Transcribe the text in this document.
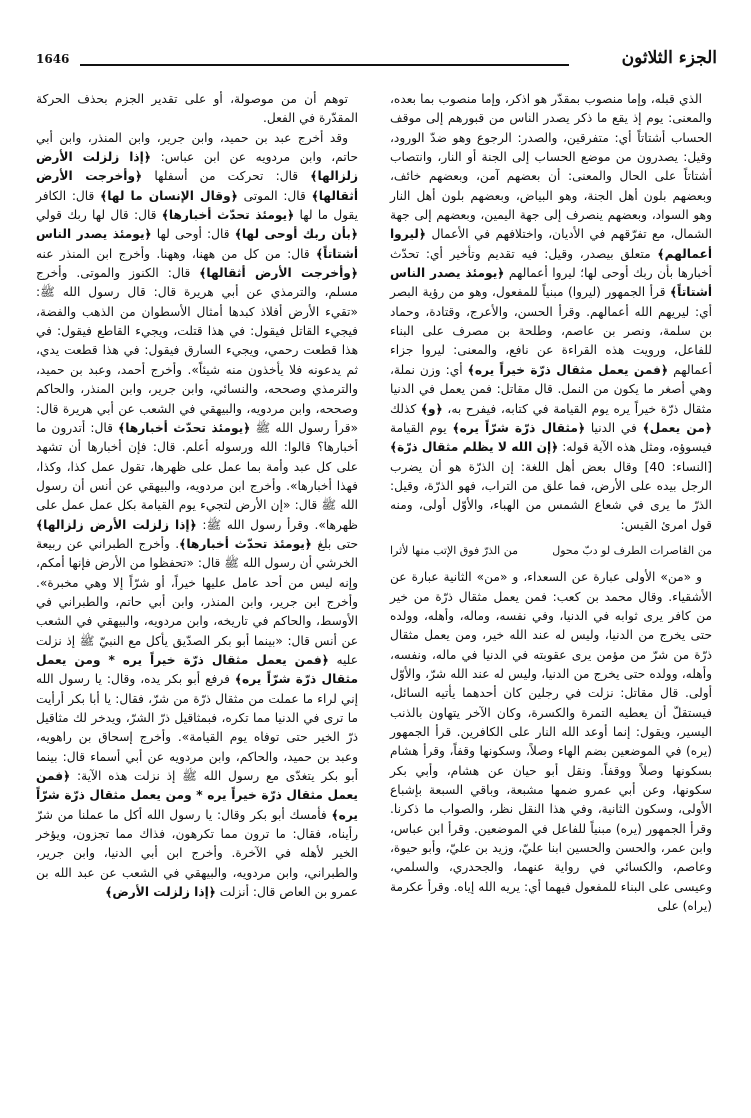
الجزء الثلاثون
1646

الذي قبله، وإما منصوب بمقدّر هو اذكر، وإما منصوب بما بعده، والمعنى: يوم إذ يقع ما ذكر يصدر الناس من قبورهم إلى موقف الحساب أشتاتاً أي: متفرقين، والصدر: الرجوع وهو ضدّ الورود، وقيل: يصدرون من موضع الحساب إلى الجنة أو النار، وانتصاب أشتاتاً على الحال والمعنى: أن بعضهم آمن، وبعضهم خائف، وبعضهم بلون أهل الجنة، وهو البياض، وبعضهم بلون أهل النار وهو السواد، وبعضهم ينصرف إلى جهة اليمين، وبعضهم إلى جهة الشمال، مع تفرّقهم في الأديان، واختلافهم في الأعمال ﴿ليروا أعمالهم﴾ متعلق بيصدر، وقيل: فيه تقديم وتأخير أي: تحدّث أخبارها بأن ربك أوحى لها؛ ليروا أعمالهم ﴿يومئذ يصدر الناس أشتاتاً﴾ قرأ الجمهور (ليروا) مبنياً للمفعول، وهو من رؤية البصر أي: ليريهم الله أعمالهم. وقرأ الحسن، والأعرج، وقتادة، وحماد بن سلمة، ونصر بن عاصم، وطلحة بن مصرف على البناء للفاعل، ورويت هذه القراءة عن نافع، والمعنى: ليروا جزاء أعمالهم ﴿فمن يعمل مثقال ذرّة خيراً يره﴾ أي: وزن نملة، وهي أصغر ما يكون من النمل. قال مقاتل: فمن يعمل في الدنيا مثقال ذرّة خيراً يره يوم القيامة في كتابه، فيفرح به، ﴿و﴾ كذلك ﴿من يعمل﴾ في الدنيا ﴿مثقال ذرّة شرّاً يره﴾ يوم القيامة فيسوؤه، ومثل هذه الآية قوله: ﴿إن الله لا يظلم مثقال ذرّة﴾ [النساء: 40] وقال بعض أهل اللغة: إن الذرّة هو أن يضرب الرجل بيده على الأرض، فما علق من التراب، فهو الذرّة، وقيل: الذرّ ما يرى في شعاع الشمس من الهباء، والأوّل أولى، ومنه قول امرئ القيس:

من القاصرات الطرف لو دبّ محول
من الذرّ فوق الإتب منها لأثرا

و «من» الأولى عبارة عن السعداء، و «من» الثانية عبارة عن الأشقياء. وقال محمد بن كعب: فمن يعمل مثقال ذرّة من خير من كافر يرى ثوابه في الدنيا، وفي نفسه، وماله، وأهله، وولده حتى يخرج من الدنيا، وليس له عند الله خير، ومن يعمل مثقال ذرّة من شرّ من مؤمن يرى عقوبته في الدنيا في ماله، ونفسه، وأهله، وولده حتى يخرج من الدنيا، وليس له عند الله شرّ، والأوّل أولى. قال مقاتل: نزلت في رجلين كان أحدهما يأتيه السائل، فيستقلّ أن يعطيه التمرة والكسرة، وكان الآخر يتهاون بالذنب اليسير، ويقول: إنما أوعد الله النار على الكافرين. قرأ الجمهور (يره) في الموضعين بضم الهاء وصلاً، وسكونها وقفاً، وقرأ هشام بسكونها وصلاً ووقفاً. ونقل أبو حيان عن هشام، وأبي بكر سكونها، وعن أبي عمرو ضمها مشبعة، وباقي السبعة بإشباع الأولى، وسكون الثانية، وفي هذا النقل نظر، والصواب ما ذكرنا. وقرأ الجمهور (يره) مبنياً للفاعل في الموضعين. وقرأ ابن عباس، وابن عمر، والحسن والحسين ابنا عليّ، وزيد بن عليّ، وأبو حيوة، وعاصم، والكسائي في رواية عنهما، والجحدري، والسلمي، وعيسى على البناء للمفعول فيهما أي: يريه الله إياه. وقرأ عكرمة (يراه) على

توهم أن من موصولة، أو على تقدير الجزم بحذف الحركة المقدّرة في الفعل.

وقد أخرج عبد بن حميد، وابن جرير، وابن المنذر، وابن أبي حاتم، وابن مردويه عن ابن عباس: ﴿إذا زلزلت الأرض زلزالها﴾ قال: تحركت من أسفلها ﴿وأخرجت الأرض أثقالها﴾ قال: الموتى ﴿وقال الإنسان ما لها﴾ قال: الكافر يقول ما لها ﴿يومئذ تحدّث أخبارها﴾ قال: قال لها ربك قولي ﴿بأن ربك أوحى لها﴾ قال: أوحى لها ﴿يومئذ يصدر الناس أشتاتاً﴾ قال: من كل من ههنا، وههنا. وأخرج ابن المنذر عنه ﴿وأخرجت الأرض أثقالها﴾ قال: الكنوز والموتى. وأخرج مسلم، والترمذي عن أبي هريرة قال: قال رسول الله ﷺ: «تقيء الأرض أفلاذ كبدها أمثال الأسطوان من الذهب والفضة، فيجيء القاتل فيقول: في هذا قتلت، ويجيء القاطع فيقول: في هذا قطعت رحمي، ويجيء السارق فيقول: في هذا قطعت يدي، ثم يدعونه فلا يأخذون منه شيئاً». وأخرج أحمد، وعبد بن حميد، والترمذي وصححه، والنسائي، وابن جرير، وابن المنذر، والحاكم وصححه، وابن مردويه، والبيهقي في الشعب عن أبي هريرة قال: «قرأ رسول الله ﷺ ﴿يومئذ تحدّث أخبارها﴾ قال: أتدرون ما أخبارها؟ قالوا: الله ورسوله أعلم. قال: فإن أخبارها أن تشهد على كل عبد وأمة بما عمل على ظهرها، تقول عمل كذا، وكذا، فهذا أخبارها». وأخرج ابن مردويه، والبيهقي عن أنس أن رسول الله ﷺ قال: «إن الأرض لتجيء يوم القيامة بكل عمل عمل على ظهرها». وقرأ رسول الله ﷺ: ﴿إذا زلزلت الأرض زلزالها﴾ حتى بلغ ﴿يومئذ تحدّث أخبارها﴾. وأخرج الطبراني عن ربيعة الخرشي أن رسول الله ﷺ قال: «تحفظوا من الأرض فإنها أمكم، وإنه ليس من أحد عامل عليها خيراً، أو شرّاً إلا وهي مخبرة». وأخرج ابن جرير، وابن المنذر، وابن أبي حاتم، والطبراني في الأوسط، والحاكم في تاريخه، وابن مردويه، والبيهقي في الشعب عن أنس قال: «بينما أبو بكر الصدّيق يأكل مع النبيّ ﷺ إذ نزلت عليه ﴿فمن يعمل مثقال ذرّة خيراً يره * ومن يعمل مثقال ذرّة شرّاً يره﴾ فرفع أبو بكر يده، وقال: يا رسول الله إني لراء ما عملت من مثقال ذرّة من شرّ، فقال: يا أبا بكر أرأيت ما ترى في الدنيا مما تكره، فبمثاقيل ذرّ الشرّ، ويدخر لك مثاقيل ذرّ الخير حتى توفاه يوم القيامة». وأخرج إسحاق بن راهويه، وعبد بن حميد، والحاكم، وابن مردويه عن أبي أسماء قال: بينما أبو بكر يتغدّى مع رسول الله ﷺ إذ نزلت هذه الآية: ﴿فمن يعمل مثقال ذرّة خيراً يره * ومن يعمل مثقال ذرّة شرّاً يره﴾ فأمسك أبو بكر وقال: يا رسول الله أكل ما عملنا من شرّ رأيناه، فقال: ما ترون مما تكرهون، فذاك مما تجزون، ويؤخر الخير لأهله في الآخرة. وأخرج ابن أبي الدنيا، وابن جرير، والطبراني، وابن مردويه، والبيهقي في الشعب عن عبد الله بن عمرو بن العاص قال: أنزلت ﴿إذا زلزلت الأرض﴾
